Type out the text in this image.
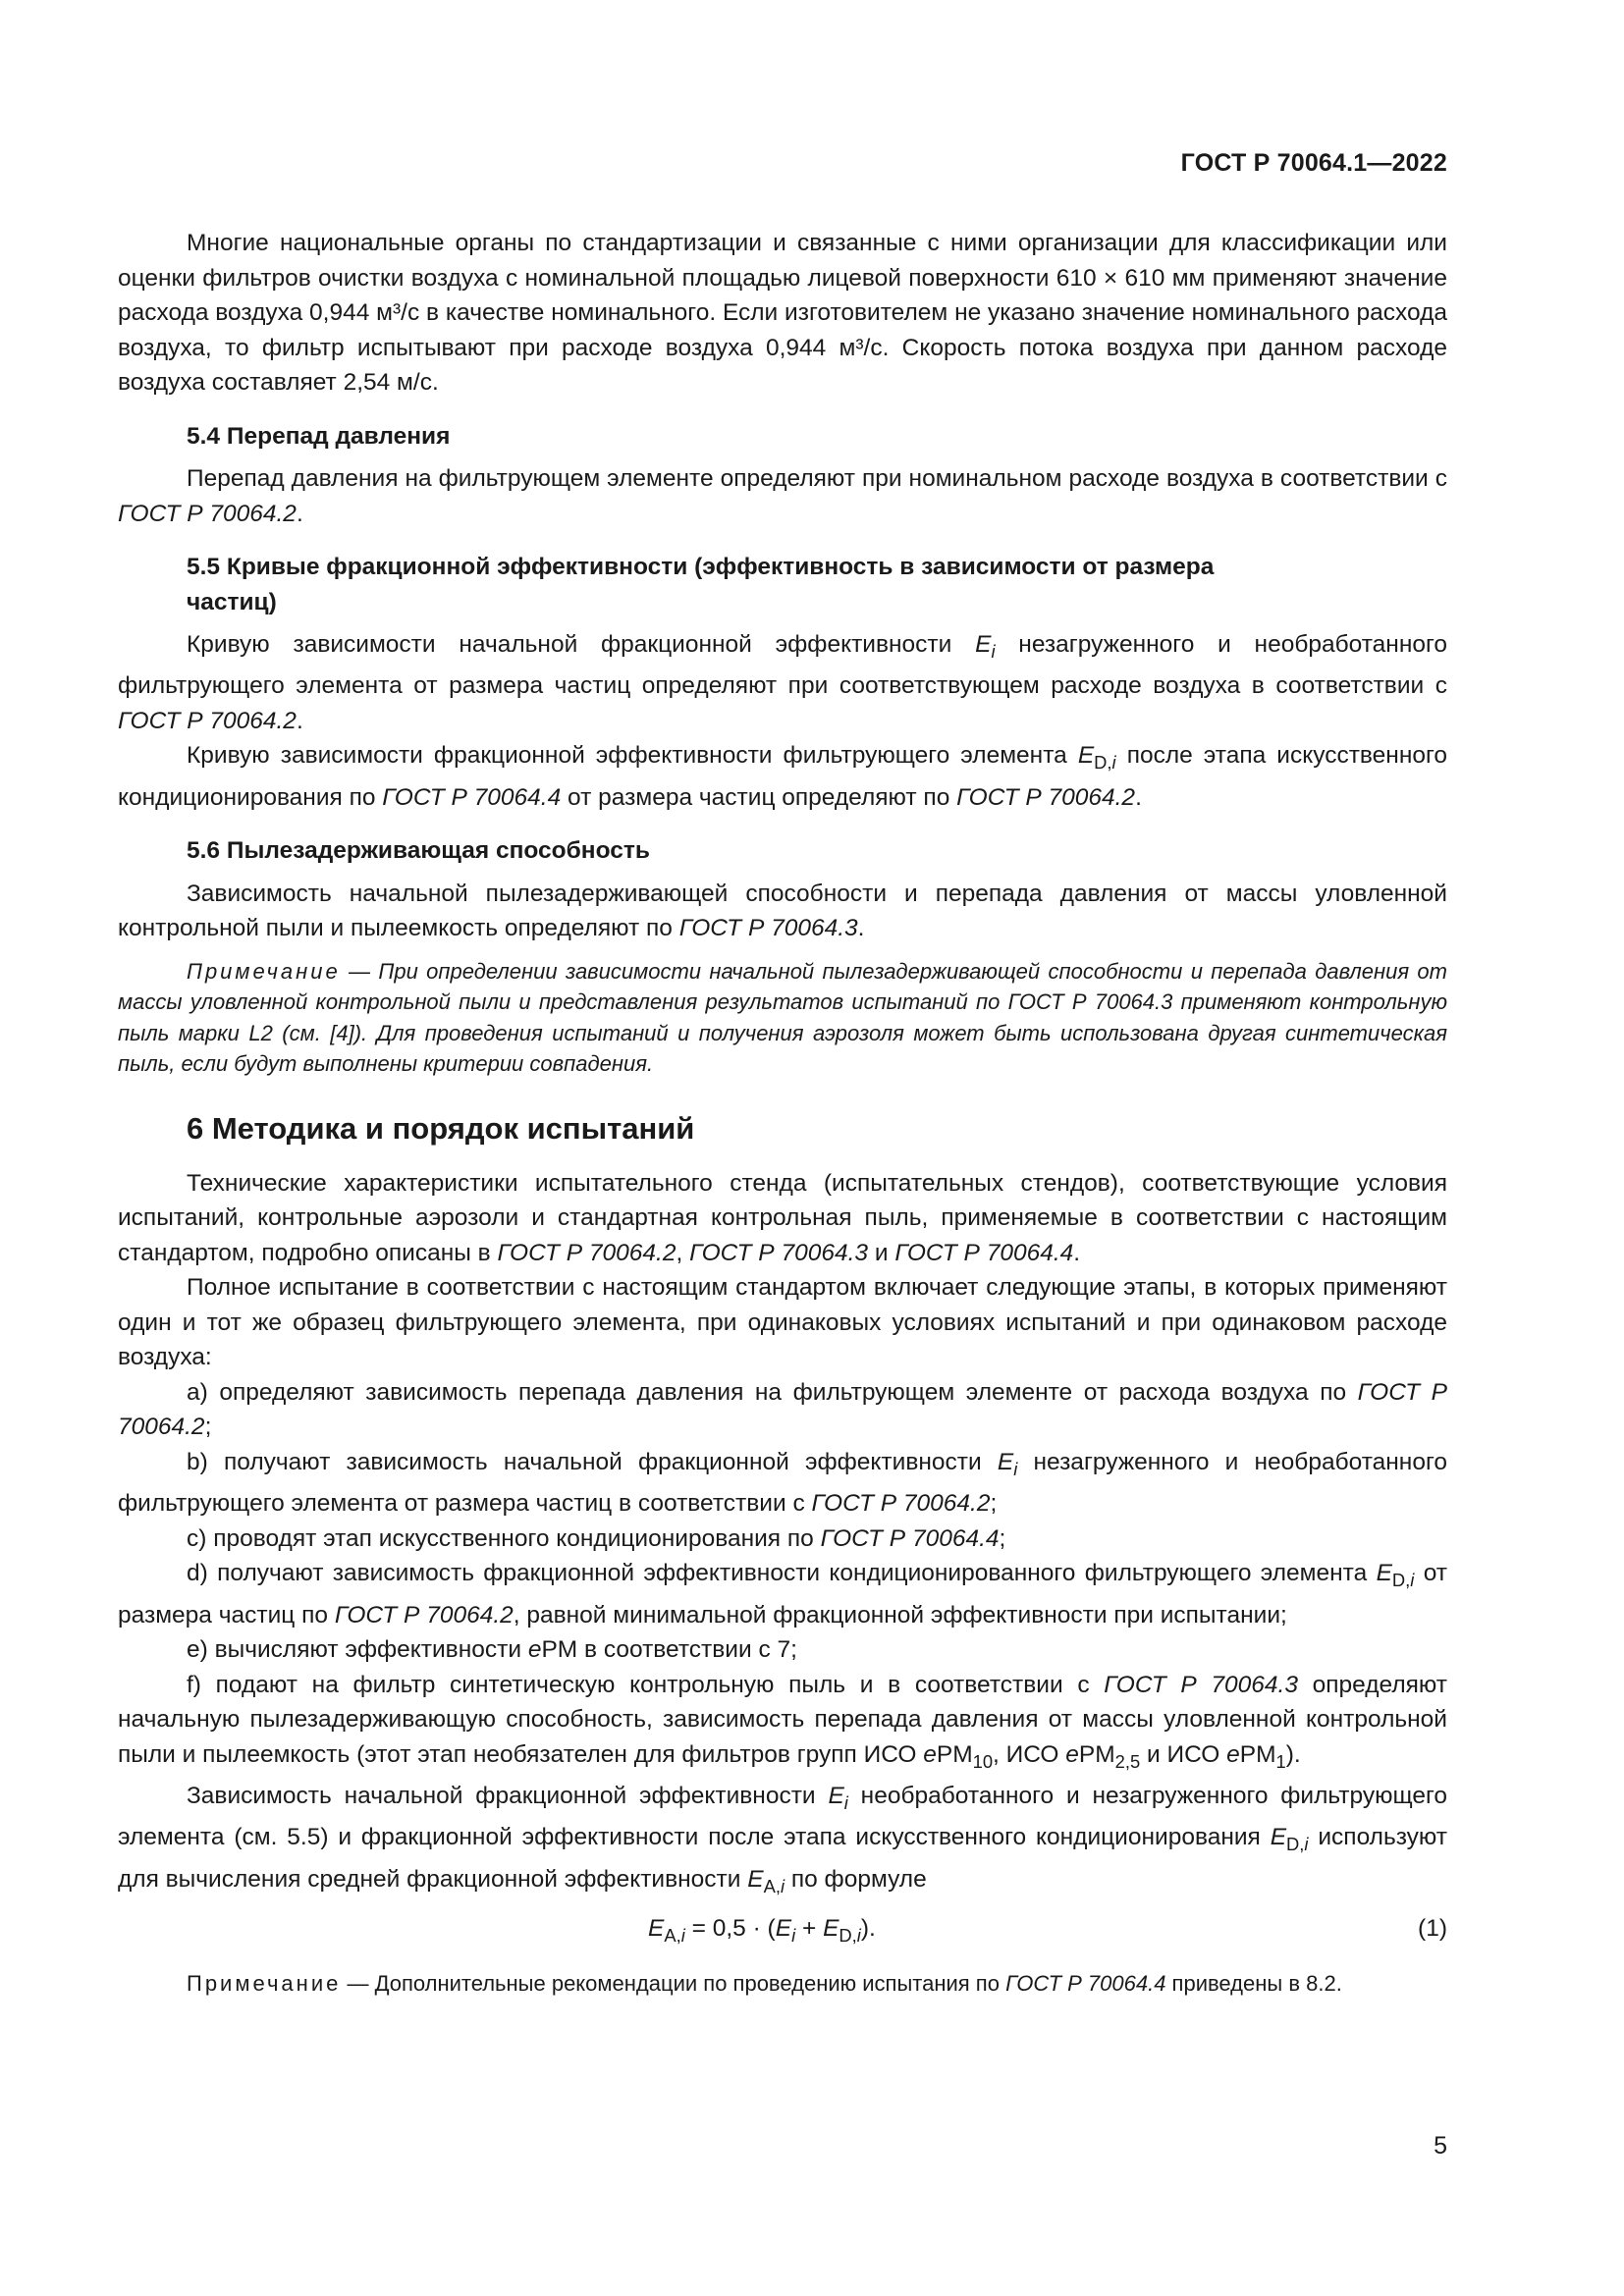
ГОСТ Р 70064.1—2022

Многие национальные органы по стандартизации и связанные с ними организации для классификации или оценки фильтров очистки воздуха с номинальной площадью лицевой поверхности 610 × 610 мм применяют значение расхода воздуха 0,944 м³/с в качестве номинального. Если изготовителем не указано значение номинального расхода воздуха, то фильтр испытывают при расходе воздуха 0,944 м³/с. Скорость потока воздуха при данном расходе воздуха составляет 2,54 м/с.

5.4 Перепад давления

Перепад давления на фильтрующем элементе определяют при номинальном расходе воздуха в соответствии с ГОСТ Р 70064.2.

5.5 Кривые фракционной эффективности (эффективность в зависимости от размера
частиц)

Кривую зависимости начальной фракционной эффективности $E_i$ незагруженного и необработанного фильтрующего элемента от размера частиц определяют при соответствующем расходе воздуха в соответствии с ГОСТ Р 70064.2.

Кривую зависимости фракционной эффективности фильтрующего элемента $E_{D,i}$ после этапа искусственного кондиционирования по ГОСТ Р 70064.4 от размера частиц определяют по ГОСТ Р 70064.2.

5.6 Пылезадерживающая способность

Зависимость начальной пылезадерживающей способности и перепада давления от массы уловленной контрольной пыли и пылеемкость определяют по ГОСТ Р 70064.3.

Примечание — При определении зависимости начальной пылезадерживающей способности и перепада давления от массы уловленной контрольной пыли и представления результатов испытаний по ГОСТ Р 70064.3 применяют контрольную пыль марки L2 (см. [4]). Для проведения испытаний и получения аэрозоля может быть использована другая синтетическая пыль, если будут выполнены критерии совпадения.

6 Методика и порядок испытаний

Технические характеристики испытательного стенда (испытательных стендов), соответствующие условия испытаний, контрольные аэрозоли и стандартная контрольная пыль, применяемые в соответствии с настоящим стандартом, подробно описаны в ГОСТ Р 70064.2, ГОСТ Р 70064.3 и ГОСТ Р 70064.4.

Полное испытание в соответствии с настоящим стандартом включает следующие этапы, в которых применяют один и тот же образец фильтрующего элемента, при одинаковых условиях испытаний и при одинаковом расходе воздуха:

a) определяют зависимость перепада давления на фильтрующем элементе от расхода воздуха по ГОСТ Р 70064.2;

b) получают зависимость начальной фракционной эффективности $E_i$ незагруженного и необработанного фильтрующего элемента от размера частиц в соответствии с ГОСТ Р 70064.2;

c) проводят этап искусственного кондиционирования по ГОСТ Р 70064.4;

d) получают зависимость фракционной эффективности кондиционированного фильтрующего элемента $E_{D,i}$ от размера частиц по ГОСТ Р 70064.2, равной минимальной фракционной эффективности при испытании;

e) вычисляют эффективности ePM в соответствии с 7;

f) подают на фильтр синтетическую контрольную пыль и в соответствии с ГОСТ Р 70064.3 определяют начальную пылезадерживающую способность, зависимость перепада давления от массы уловленной контрольной пыли и пылеемкость (этот этап необязателен для фильтров групп ИСО ePM$_{10}$, ИСО ePM$_{2,5}$ и ИСО ePM$_1$).

Зависимость начальной фракционной эффективности $E_i$ необработанного и незагруженного фильтрующего элемента (см. 5.5) и фракционной эффективности после этапа искусственного кондиционирования $E_{D,i}$ используют для вычисления средней фракционной эффективности $E_{A,i}$ по формуле

$E_{A,i} = 0,5 \cdot (E_i + E_{D,i})$.	(1)

Примечание — Дополнительные рекомендации по проведению испытания по ГОСТ Р 70064.4 приведены в 8.2.

5
